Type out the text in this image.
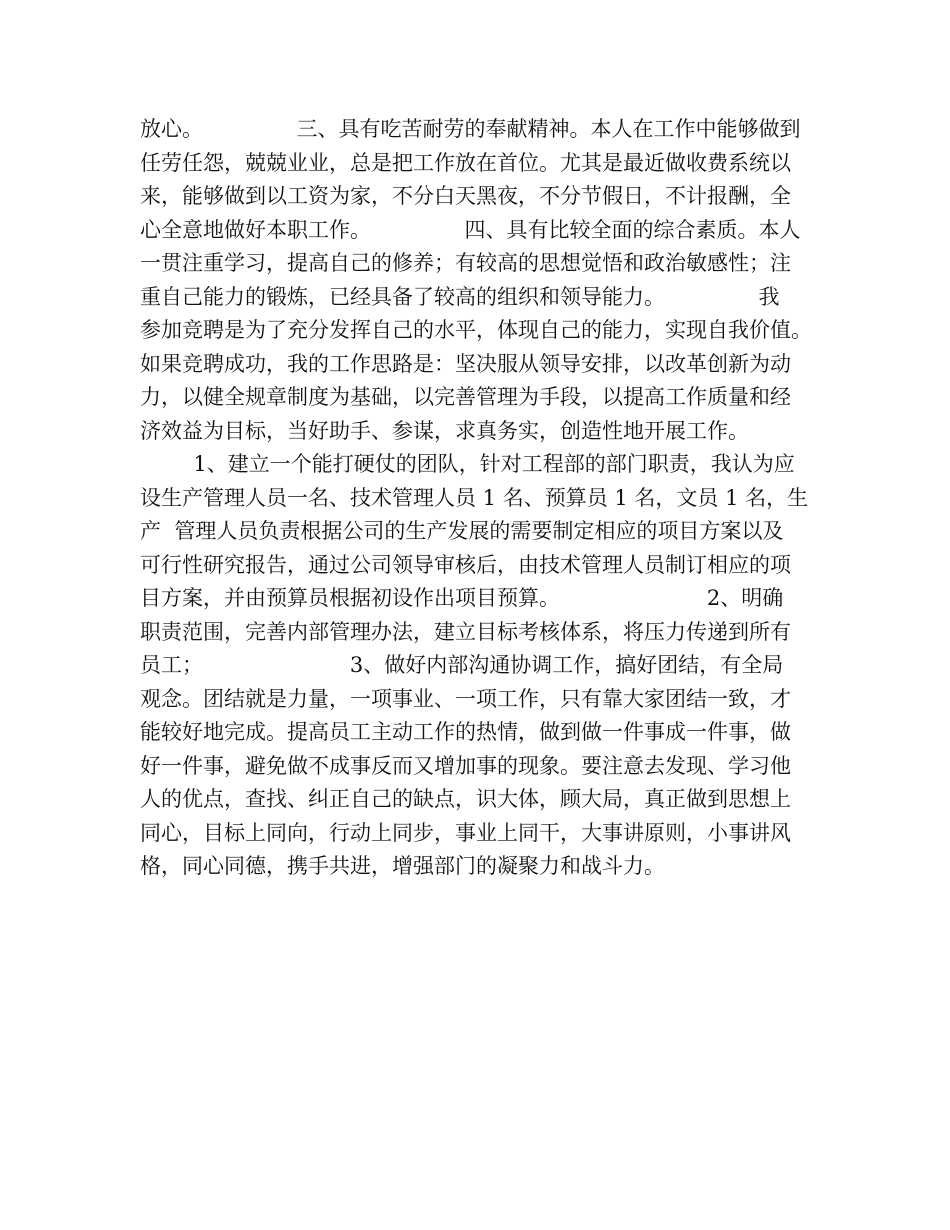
放心。              三、具有吃苦耐劳的奉献精神。本人在工作中能够做到
任劳任怨，兢兢业业，总是把工作放在首位。尤其是最近做收费系统以
来，能够做到以工资为家，不分白天黑夜，不分节假日，不计报酬，全
心全意地做好本职工作。              四、具有比较全面的综合素质。本人
一贯注重学习，提高自己的修养；有较高的思想觉悟和政治敏感性；注
重自己能力的锻炼，已经具备了较高的组织和领导能力。              我
参加竞聘是为了充分发挥自己的水平，体现自己的能力，实现自我价值。
如果竞聘成功，我的工作思路是：坚决服从领导安排，以改革创新为动
力，以健全规章制度为基础，以完善管理为手段，以提高工作质量和经
济效益为目标，当好助手、参谋，求真务实，创造性地开展工作。
1、建立一个能打硬仗的团队，针对工程部的部门职责，我认为应
设生产管理人员一名、技术管理人员 1 名、预算员 1 名，文员 1 名，生
产  管理人员负责根据公司的生产发展的需要制定相应的项目方案以及
可行性研究报告，通过公司领导审核后，由技术管理人员制订相应的项
目方案，并由预算员根据初设作出项目预算。                      2、明确
职责范围，完善内部管理办法，建立目标考核体系，将压力传递到所有
员工；                      3、做好内部沟通协调工作，搞好团结，有全局
观念。团结就是力量，一项事业、一项工作，只有靠大家团结一致，才
能较好地完成。提高员工主动工作的热情，做到做一件事成一件事，做
好一件事，避免做不成事反而又增加事的现象。要注意去发现、学习他
人的优点，查找、纠正自己的缺点，识大体，顾大局，真正做到思想上
同心，目标上同向，行动上同步，事业上同干，大事讲原则，小事讲风
格，同心同德，携手共进，增强部门的凝聚力和战斗力。
